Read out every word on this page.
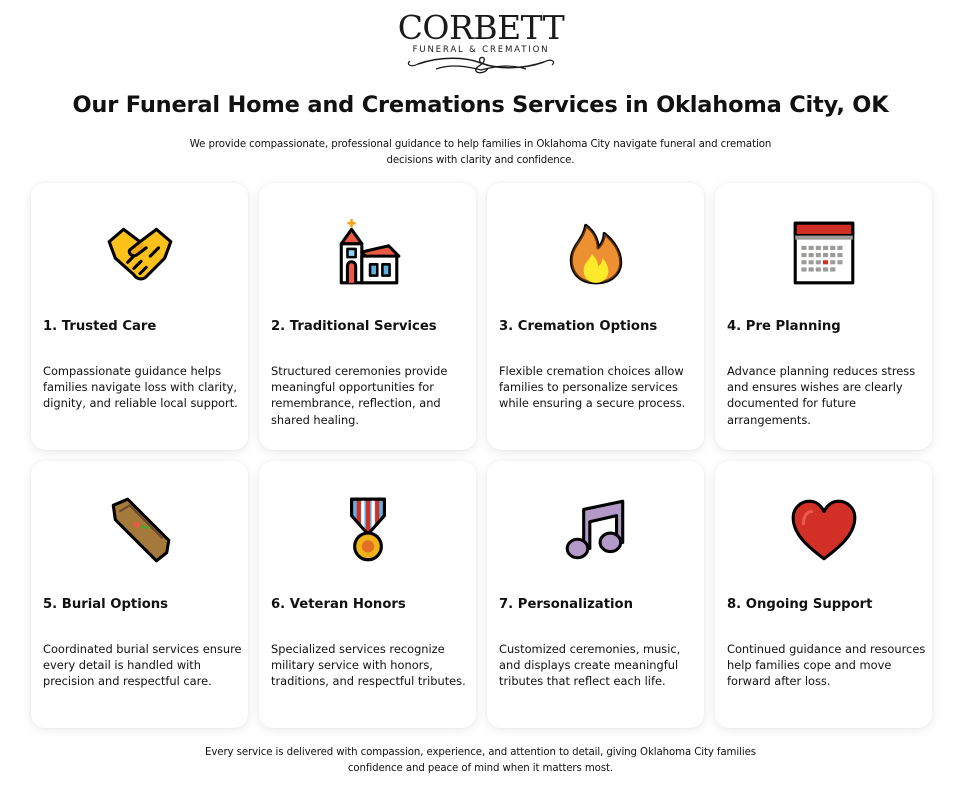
CORBETT
FUNERAL & CREMATION
Our Funeral Home and Cremations Services in Oklahoma City, OK

We provide compassionate, professional guidance to help families in Oklahoma City navigate funeral and cremation decisions with clarity and confidence.

1. Trusted Care

Compassionate guidance helps families navigate loss with clarity, dignity, and reliable local support.

2. Traditional Services

Structured ceremonies provide meaningful opportunities for remembrance, reflection, and shared healing.

3. Cremation Options

Flexible cremation choices allow families to personalize services while ensuring a secure process.

4. Pre Planning

Advance planning reduces stress and ensures wishes are clearly documented for future arrangements.

5. Burial Options

Coordinated burial services ensure every detail is handled with precision and respectful care.

6. Veteran Honors

Specialized services recognize military service with honors, traditions, and respectful tributes.

7. Personalization

Customized ceremonies, music, and displays create meaningful tributes that reflect each life.

8. Ongoing Support

Continued guidance and resources help families cope and move forward after loss.

Every service is delivered with compassion, experience, and attention to detail, giving Oklahoma City families confidence and peace of mind when it matters most.
